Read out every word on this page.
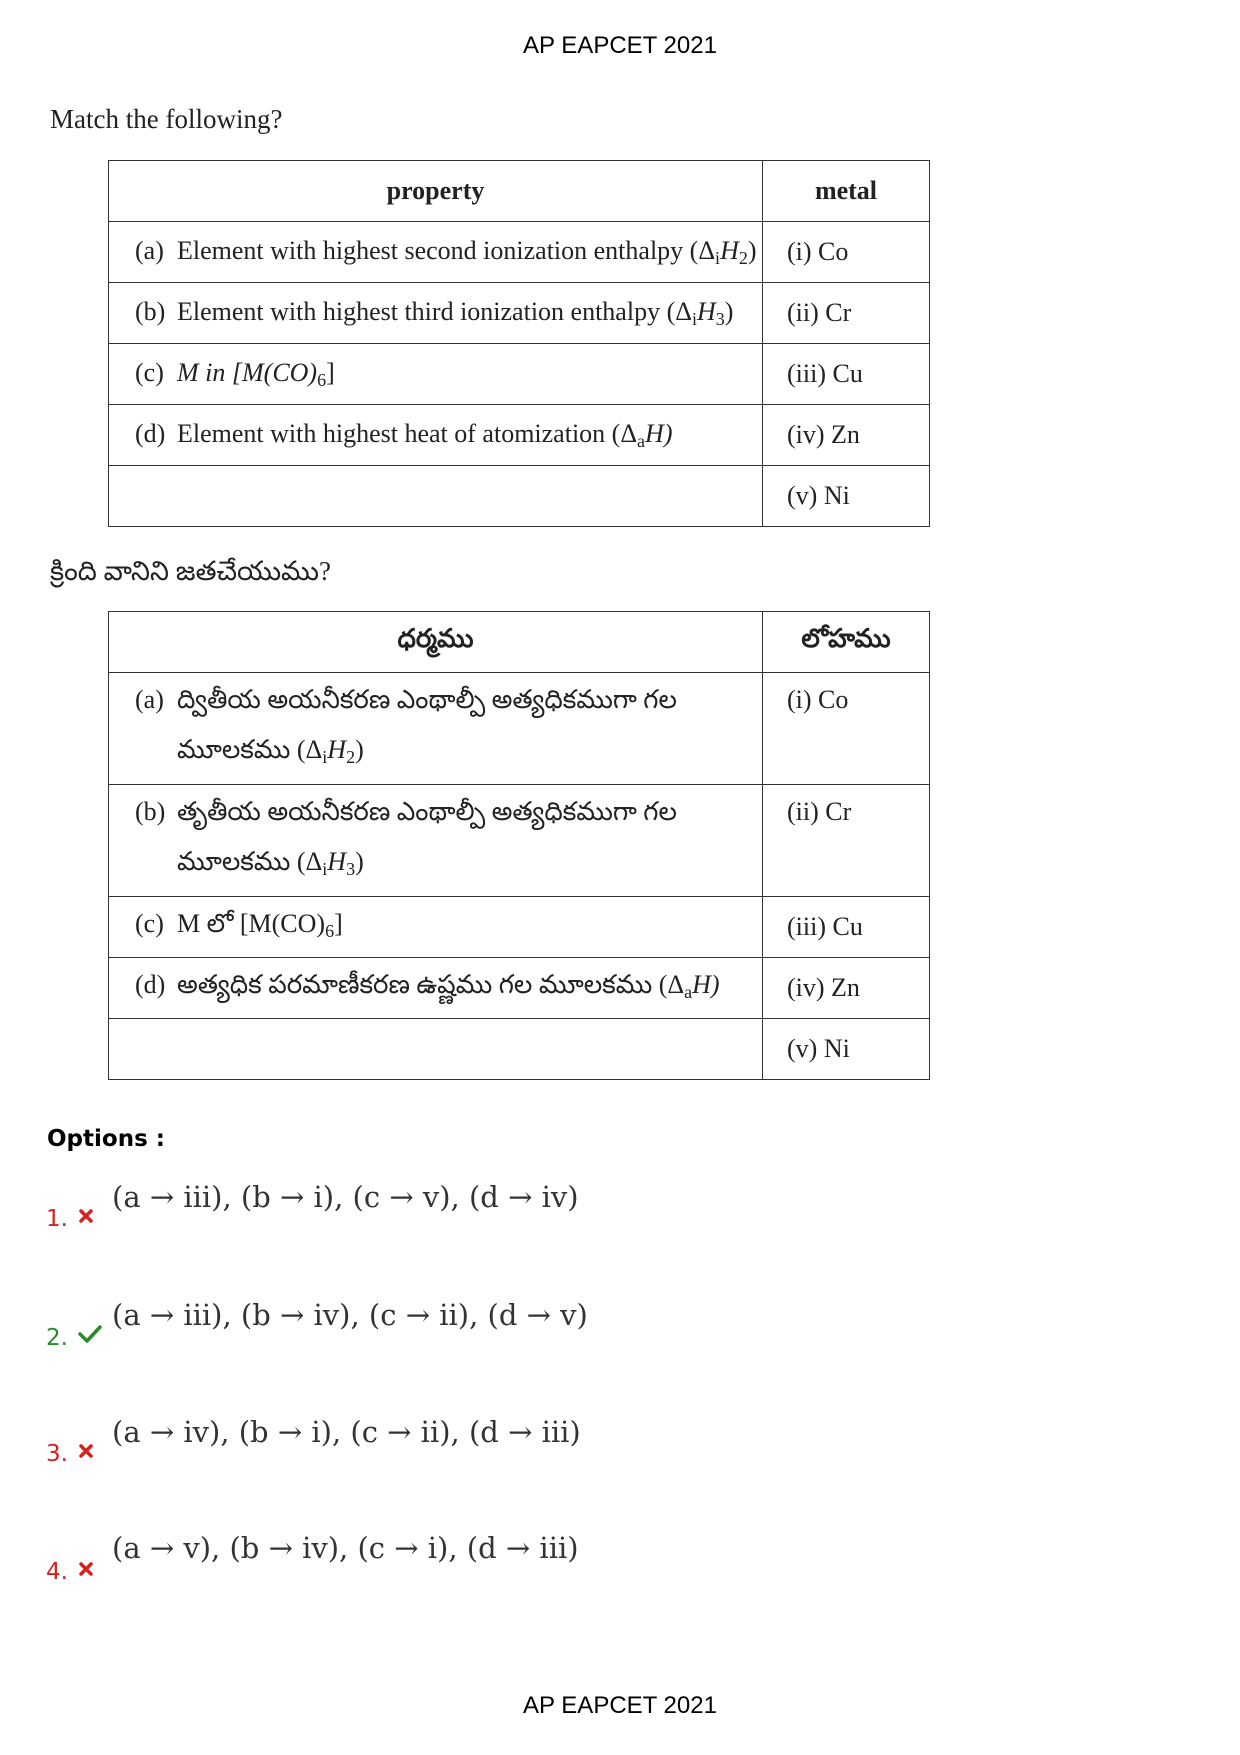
AP EAPCET 2021
Match the following?
property	metal
(a) Element with highest second ionization enthalpy $(\Delta_iH_2)$	(i) Co
(b) Element with highest third ionization enthalpy $(\Delta_iH_3)$	(ii) Cr
(c) M in $[M(CO)_6]$	(iii) Cu
(d) Element with highest heat of atomization $(\Delta_aH)$	(iv) Zn
	(v) Ni
క్రింది వానిని జతచేయుము?
ధర్మము	లోహము
(a) ద్వితీయ అయనీకరణ ఎంథాల్పీ అత్యధికముగా గల
మూలకము $(\Delta_iH_2)$	(i) Co
(b) తృతీయ అయనీకరణ ఎంథాల్పీ అత్యధికముగా గల
మూలకము $(\Delta_iH_3)$	(ii) Cr
(c) M లో $[M(CO)_6]$	(iii) Cu
(d) అత్యధిక పరమాణీకరణ ఉష్ణము గల మూలకము $(\Delta_aH)$	(iv) Zn
	(v) Ni
Options :
1.
(a → iii), (b → i), (c → v), (d → iv)
2.
(a → iii), (b → iv), (c → ii), (d → v)
3.
(a → iv), (b → i), (c → ii), (d → iii)
4.
(a → v), (b → iv), (c → i), (d → iii)
AP EAPCET 2021
